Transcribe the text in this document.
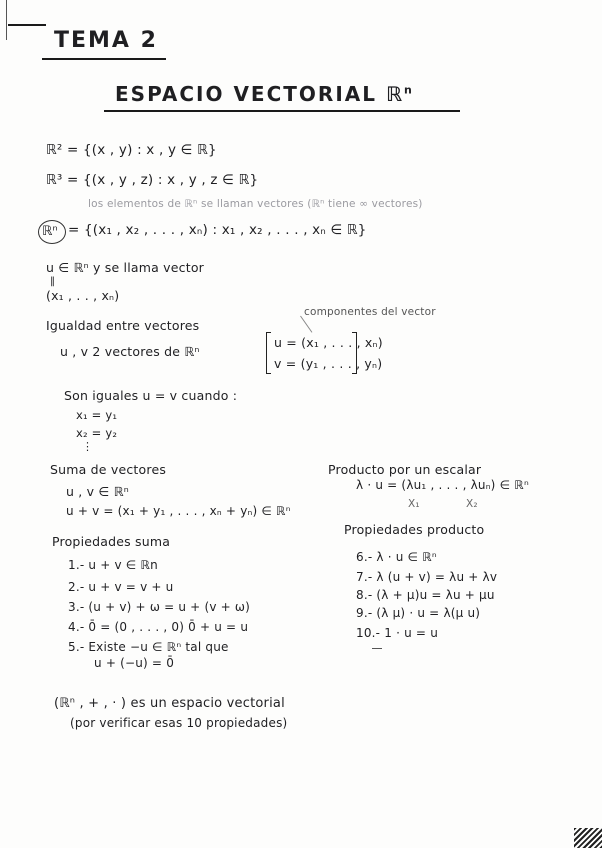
TEMA 2
ESPACIO VECTORIAL ℝ$^n$
ℝ² = {(x , y) : x , y ∈ ℝ}
ℝ³ = {(x , y , z) : x , y , z ∈ ℝ}
los elementos de ℝⁿ se llaman vectores (ℝⁿ tiene ∞ vectores)
ℝⁿ = {(x₁ , x₂ , . . . , xₙ) : x₁ , x₂ , . . . , xₙ ∈ ℝ}
u ∈ ℝⁿ y se llama vector
‖
(x₁ , . . , xₙ)
componentes del vector
Igualdad entre vectores
u , v 2 vectores de ℝⁿ
u = (x₁ , . . . , xₙ)
v = (y₁ , . . . , yₙ)
Son iguales u = v cuando :
x₁ = y₁
x₂ = y₂
⋮
Suma de vectores
u , v ∈ ℝⁿ
u + v = (x₁ + y₁ , . . . , xₙ + yₙ) ∈ ℝⁿ
Producto por un escalar
λ · u = (λu₁ , . . . , λuₙ) ∈ ℝⁿ
X₁	X₂
Propiedades suma
1.- u + v ∈ ℝn
2.- u + v = v + u
3.- (u + v) + ω = u + (v + ω)
4.- 0̄ = (0 , . . . , 0) 0̄ + u = u
5.- Existe −u ∈ ℝⁿ tal que
u + (−u) = 0̄
Propiedades producto
6.- λ · u ∈ ℝⁿ
7.- λ (u + v) = λu + λv
8.- (λ + μ)u = λu + μu
9.- (λ μ) · u = λ(μ u)
10.- 1 · u = u
(ℝⁿ , + , · ) es un espacio vectorial
(por verificar esas 10 propiedades)
